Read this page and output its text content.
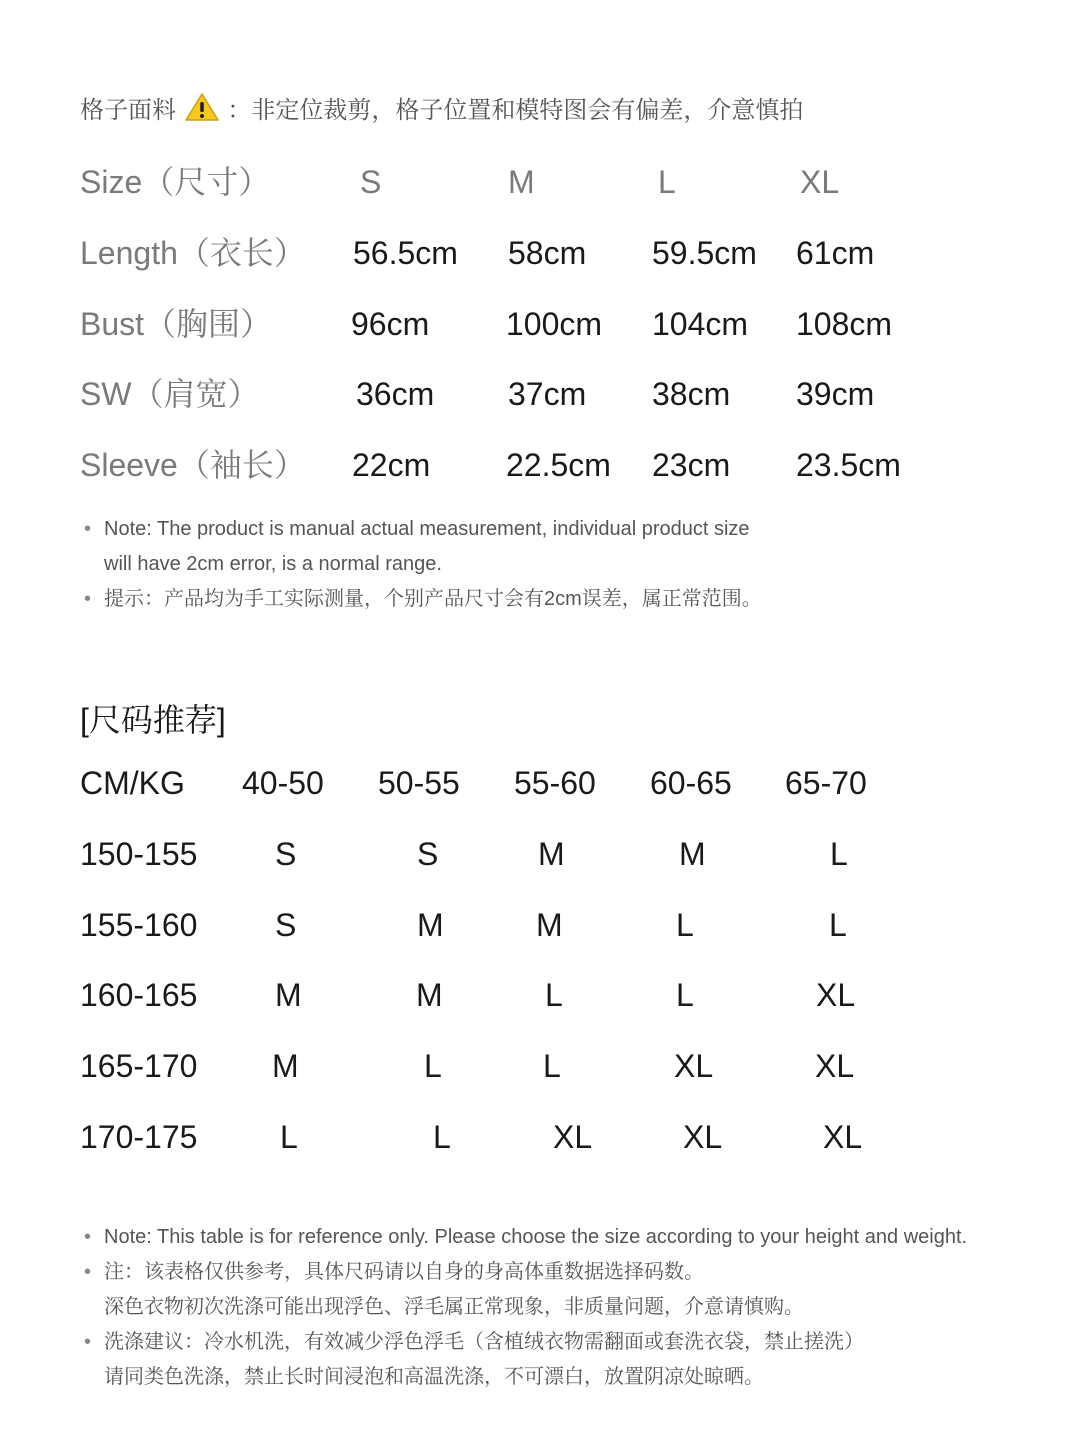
格子面料 ：非定位裁剪，格子位置和模特图会有偏差，介意慎拍
Size（尺寸）	S	M	L	XL
Length（衣长） 56.5cm 58cm 59.5cm 61cm
Bust（胸围） 96cm 100cm 104cm 108cm
SW（肩宽）	36cm 37cm 38cm 39cm
Sleeve（袖长） 22cm 22.5cm 23cm 23.5cm
• Note: The product is manual actual measurement, individual product size
will have 2cm error, is a normal range.
• 提示：产品均为手工实际测量，个别产品尺寸会有2cm误差，属正常范围。
[尺码推荐]
CM/KG 40-50 50-55 55-60 60-65 65-70
150-155 S	S	M	M	L
155-160 S	M	M	L	L
160-165 M	M	L	L	XL
165-170 M	L	L	XL	XL
170-175	L	L	XL	XL	XL
• Note: This table is for reference only. Please choose the size according to your height and weight.
• 注：该表格仅供参考，具体尺码请以自身的身高体重数据选择码数。
深色衣物初次洗涤可能出现浮色、浮毛属正常现象，非质量问题，介意请慎购。
• 洗涤建议：冷水机洗，有效减少浮色浮毛（含植绒衣物需翻面或套洗衣袋，禁止搓洗）
请同类色洗涤，禁止长时间浸泡和高温洗涤，不可漂白，放置阴凉处晾晒。
